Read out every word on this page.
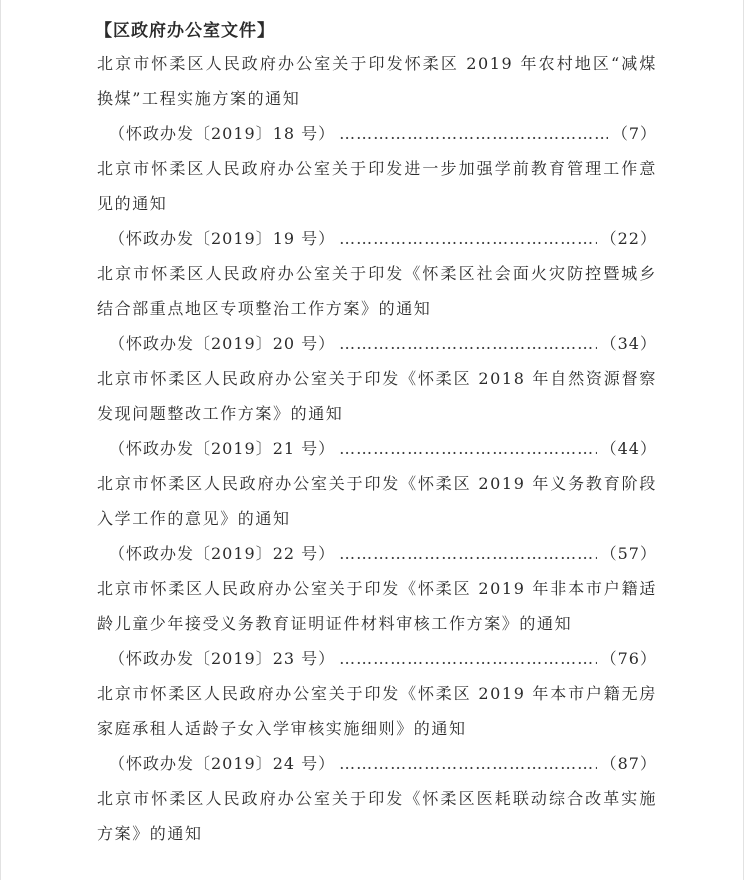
【区政府办公室文件】

北京市怀柔区人民政府办公室关于印发怀柔区 2019 年农村地区“减煤换煤”工程实施方案的通知

（怀政办发〔2019〕18 号） …………………………………………………………………………………………………………………………………………	（7）

北京市怀柔区人民政府办公室关于印发进一步加强学前教育管理工作意见的通知

（怀政办发〔2019〕19 号） …………………………………………………………………………………………………………………………………………	（22）

北京市怀柔区人民政府办公室关于印发《怀柔区社会面火灾防控暨城乡结合部重点地区专项整治工作方案》的通知

（怀政办发〔2019〕20 号） …………………………………………………………………………………………………………………………………………	（34）

北京市怀柔区人民政府办公室关于印发《怀柔区 2018 年自然资源督察发现问题整改工作方案》的通知

（怀政办发〔2019〕21 号） …………………………………………………………………………………………………………………………………………	（44）

北京市怀柔区人民政府办公室关于印发《怀柔区 2019 年义务教育阶段入学工作的意见》的通知

（怀政办发〔2019〕22 号） …………………………………………………………………………………………………………………………………………	（57）

北京市怀柔区人民政府办公室关于印发《怀柔区 2019 年非本市户籍适龄儿童少年接受义务教育证明证件材料审核工作方案》的通知

（怀政办发〔2019〕23 号） …………………………………………………………………………………………………………………………………………	（76）

北京市怀柔区人民政府办公室关于印发《怀柔区 2019 年本市户籍无房家庭承租人适龄子女入学审核实施细则》的通知

（怀政办发〔2019〕24 号） …………………………………………………………………………………………………………………………………………	（87）

北京市怀柔区人民政府办公室关于印发《怀柔区医耗联动综合改革实施方案》的通知
